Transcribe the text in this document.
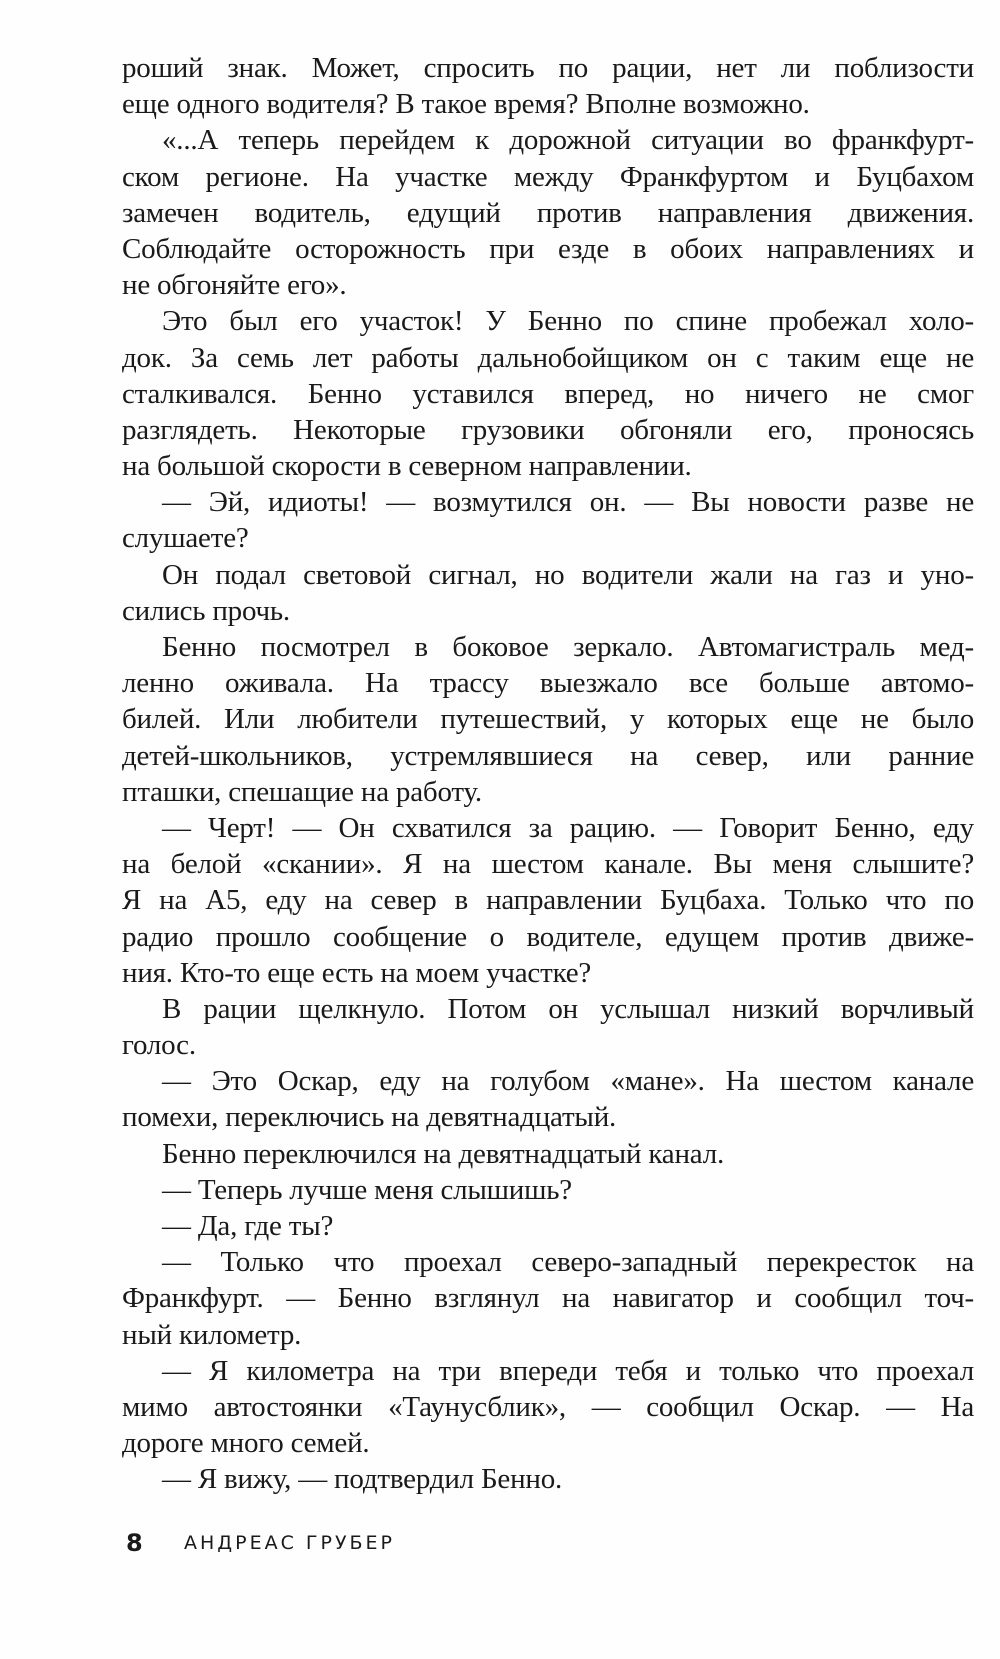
роший знак. Может, спросить по рации, нет ли поблизости
еще одного водителя? В такое время? Вполне возможно.
«...А теперь перейдем к дорожной ситуации во франкфурт-
ском регионе. На участке между Франкфуртом и Буцбахом
замечен водитель, едущий против направления движения.
Соблюдайте осторожность при езде в обоих направлениях и
не обгоняйте его».
Это был его участок! У Бенно по спине пробежал холо-
док. За семь лет работы дальнобойщиком он с таким еще не
сталкивался. Бенно уставился вперед, но ничего не смог
разглядеть. Некоторые грузовики обгоняли его, проносясь
на большой скорости в северном направлении.
— Эй, идиоты! — возмутился он. — Вы новости разве не
слушаете?
Он подал световой сигнал, но водители жали на газ и уно-
сились прочь.
Бенно посмотрел в боковое зеркало. Автомагистраль мед-
ленно оживала. На трассу выезжало все больше автомо-
билей. Или любители путешествий, у которых еще не было
детей-школьников, устремлявшиеся на север, или ранние
пташки, спешащие на работу.
— Черт! — Он схватился за рацию. — Говорит Бенно, еду
на белой «скании». Я на шестом канале. Вы меня слышите?
Я на А5, еду на север в направлении Буцбаха. Только что по
радио прошло сообщение о водителе, едущем против движе-
ния. Кто-то еще есть на моем участке?
В рации щелкнуло. Потом он услышал низкий ворчливый
голос.
— Это Оскар, еду на голубом «мане». На шестом канале
помехи, переключись на девятнадцатый.
Бенно переключился на девятнадцатый канал.
— Теперь лучше меня слышишь?
— Да, где ты?
— Только что проехал северо-западный перекресток на
Франкфурт. — Бенно взглянул на навигатор и сообщил точ-
ный километр.
— Я километра на три впереди тебя и только что проехал
мимо автостоянки «Таунусблик», — сообщил Оскар. — На
дороге много семей.
— Я вижу, — подтвердил Бенно.
8	АНДРЕАС ГРУБЕР
